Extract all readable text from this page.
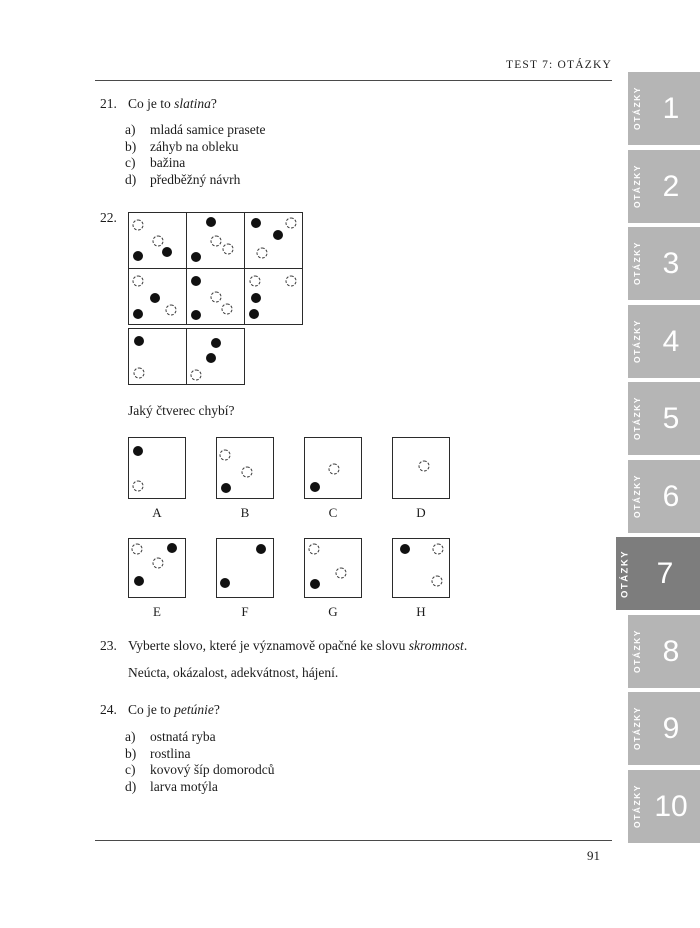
TEST 7: OTÁZKY
21. Co je to slatina?
a) mladá samice prasete
b) záhyb na obleku
c) bažina
d) předběžný návrh
22.
Jaký čtverec chybí?
A	B	C	D
E	F	G	H
23. Vyberte slovo, které je významově opačné ke slovu skromnost.
Neúcta, okázalost, adekvátnost, hájení.
24. Co je to petúnie?
a) ostnatá ryba
b) rostlina
c) kovový šíp domorodců
d) larva motýla
91
OTÁZKY 1
OTÁZKY 2
OTÁZKY 3
OTÁZKY 4
OTÁZKY 5
OTÁZKY 6
OTÁZKY 7
OTÁZKY 8
OTÁZKY 9
OTÁZKY 10
